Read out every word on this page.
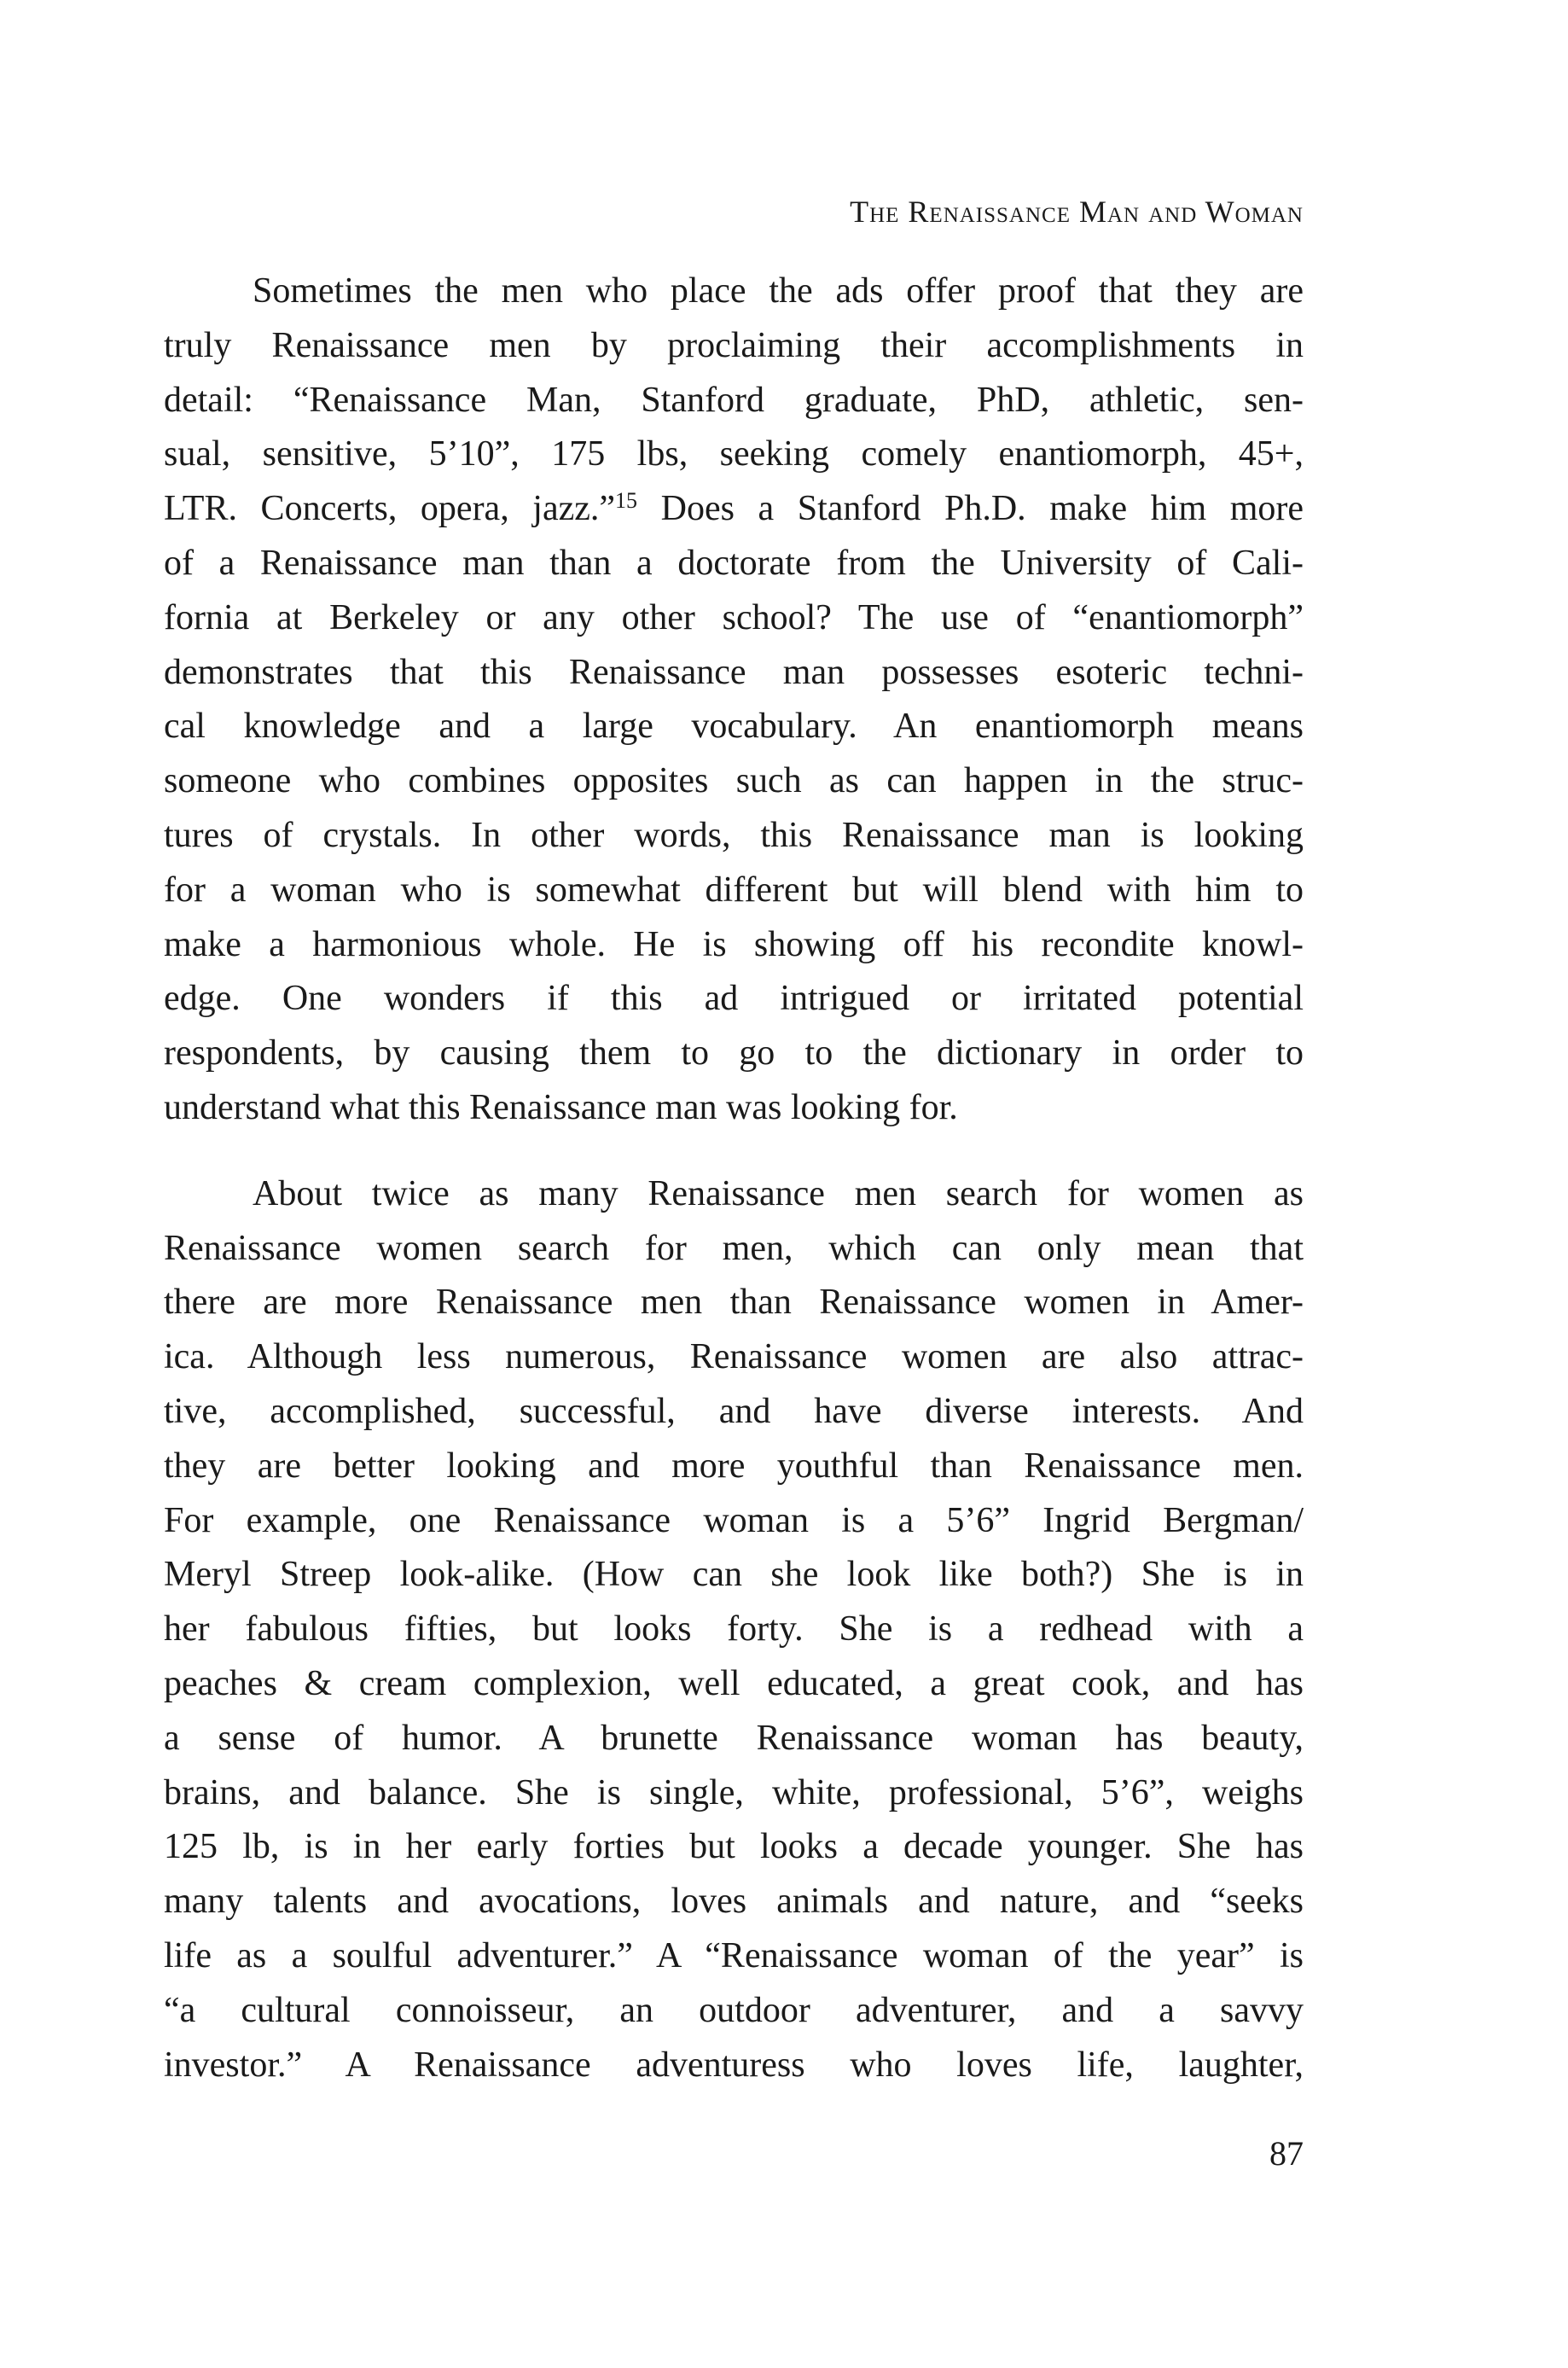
The Renaissance Man and Woman

Sometimes the men who place the ads offer proof that they are
truly Renaissance men by proclaiming their accomplishments in
detail: “Renaissance Man, Stanford graduate, PhD, athletic, sen-
sual, sensitive, 5’10”, 175 lbs, seeking comely enantiomorph, 45+,
LTR. Concerts, opera, jazz.”$^{15}$ Does a Stanford Ph.D. make him more
of a Renaissance man than a doctorate from the University of Cali-
fornia at Berkeley or any other school? The use of “enantiomorph”
demonstrates that this Renaissance man possesses esoteric techni-
cal knowledge and a large vocabulary. An enantiomorph means
someone who combines opposites such as can happen in the struc-
tures of crystals. In other words, this Renaissance man is looking
for a woman who is somewhat different but will blend with him to
make a harmonious whole. He is showing off his recondite knowl-
edge. One wonders if this ad intrigued or irritated potential
respondents, by causing them to go to the dictionary in order to
understand what this Renaissance man was looking for.

About twice as many Renaissance men search for women as
Renaissance women search for men, which can only mean that
there are more Renaissance men than Renaissance women in Amer-
ica. Although less numerous, Renaissance women are also attrac-
tive, accomplished, successful, and have diverse interests. And
they are better looking and more youthful than Renaissance men.
For example, one Renaissance woman is a 5’6” Ingrid Bergman/
Meryl Streep look-alike. (How can she look like both?) She is in
her fabulous fifties, but looks forty. She is a redhead with a
peaches & cream complexion, well educated, a great cook, and has
a sense of humor. A brunette Renaissance woman has beauty,
brains, and balance. She is single, white, professional, 5’6”, weighs
125 lb, is in her early forties but looks a decade younger. She has
many talents and avocations, loves animals and nature, and “seeks
life as a soulful adventurer.” A “Renaissance woman of the year” is
“a cultural connoisseur, an outdoor adventurer, and a savvy
investor.” A Renaissance adventuress who loves life, laughter,

87
